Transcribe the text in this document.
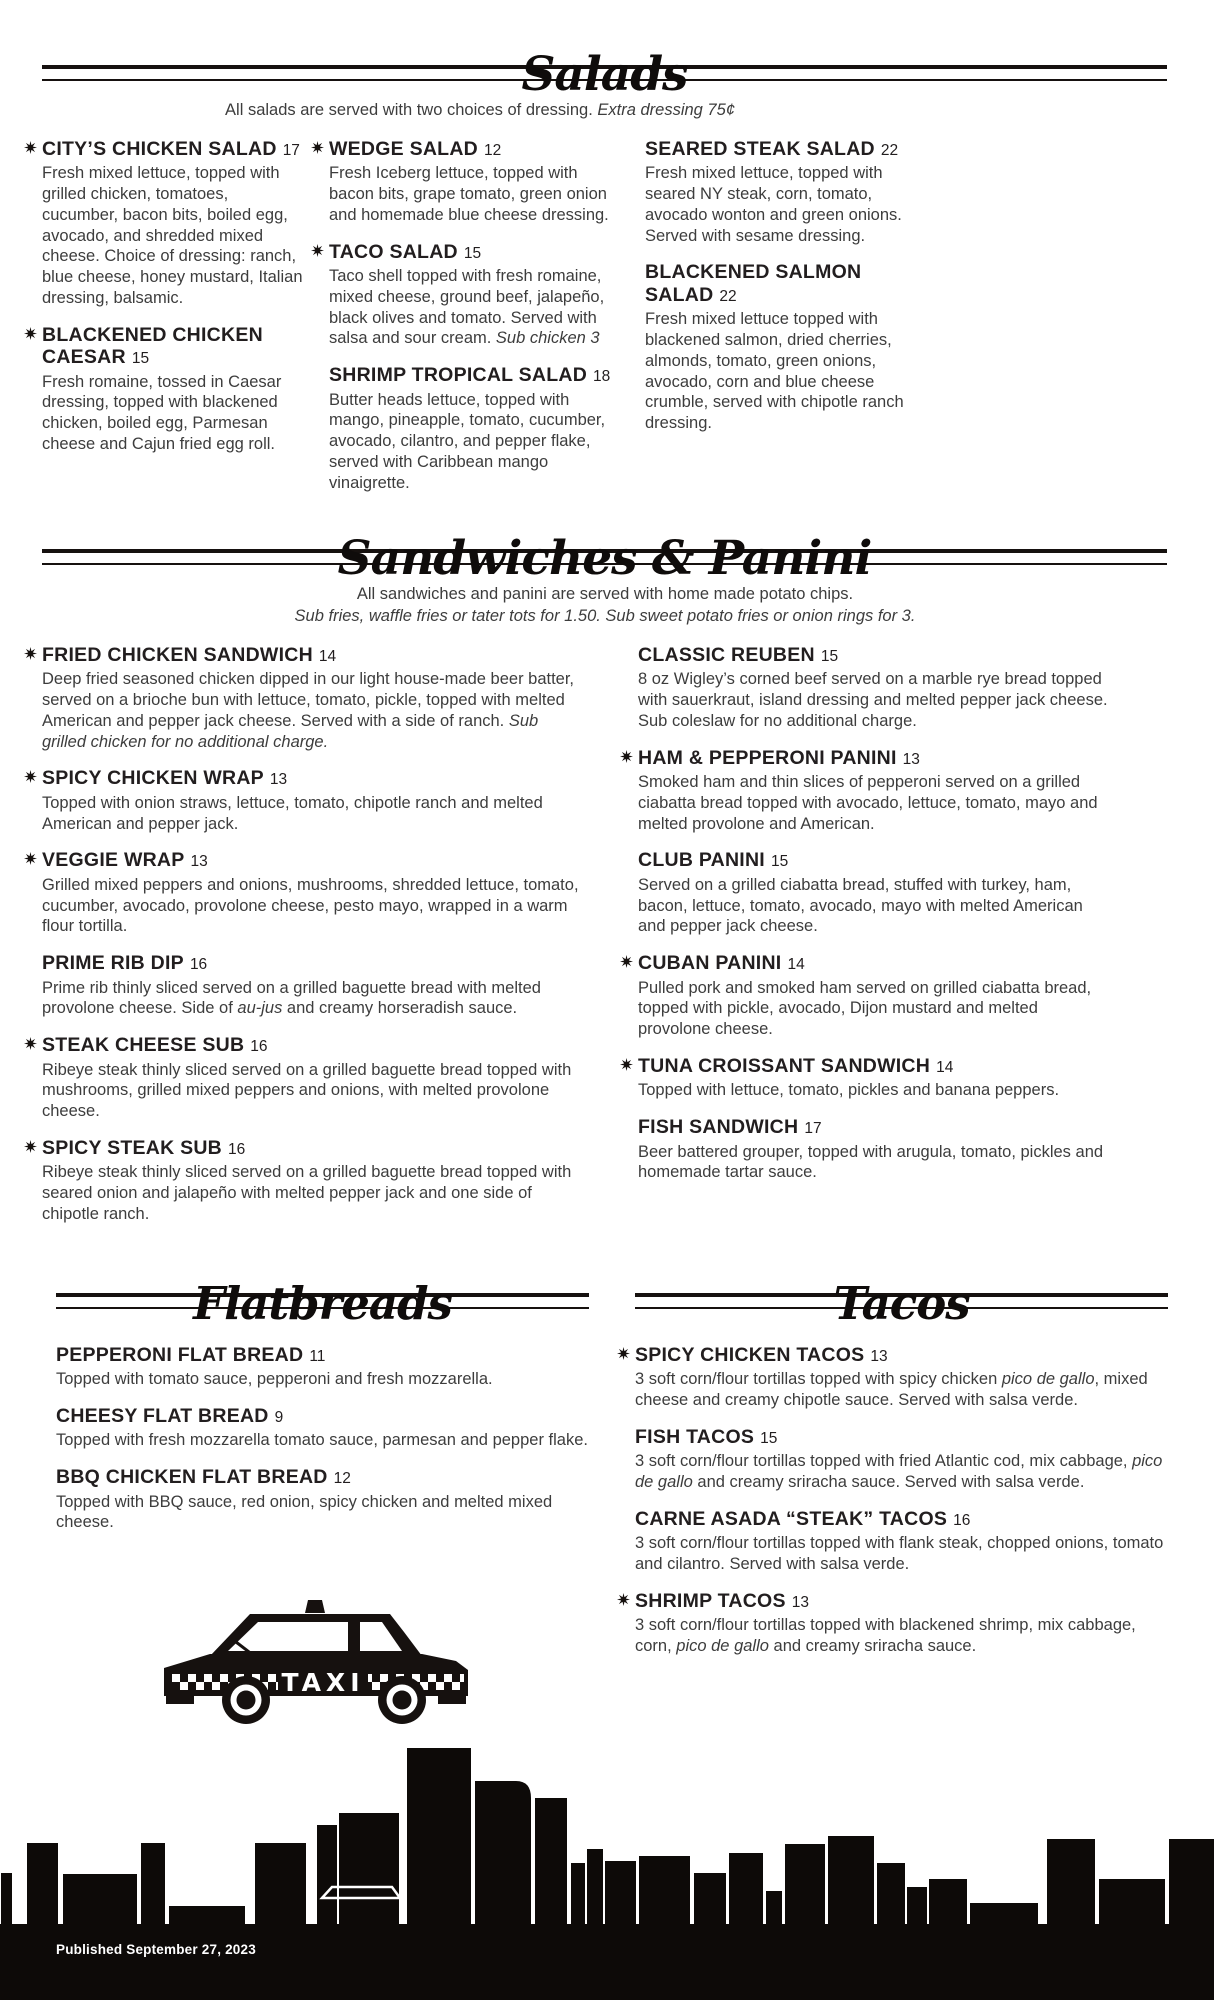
Salads

All salads are served with two choices of dressing. Extra dressing 75¢

CITY’S CHICKEN SALAD 17

Fresh mixed lettuce, topped with grilled chicken, tomatoes, cucumber, bacon bits, boiled egg, avocado, and shredded mixed cheese. Choice of dressing: ranch, blue cheese, honey mustard, Italian dressing, balsamic.

BLACKENED CHICKEN CAESAR 15

Fresh romaine, tossed in Caesar dressing, topped with blackened chicken, boiled egg, Parmesan cheese and Cajun fried egg roll.

WEDGE SALAD 12

Fresh Iceberg lettuce, topped with bacon bits, grape tomato, green onion and homemade blue cheese dressing.

TACO SALAD 15

Taco shell topped with fresh romaine, mixed cheese, ground beef, jalapeño, black olives and tomato. Served with salsa and sour cream. Sub chicken 3

SHRIMP TROPICAL SALAD 18

Butter heads lettuce, topped with mango, pineapple, tomato, cucumber, avocado, cilantro, and pepper flake, served with Caribbean mango vinaigrette.

SEARED STEAK SALAD 22

Fresh mixed lettuce, topped with seared NY steak, corn, tomato, avocado wonton and green onions. Served with sesame dressing.

BLACKENED SALMON SALAD 22

Fresh mixed lettuce topped with blackened salmon, dried cherries, almonds, tomato, green onions, avocado, corn and blue cheese crumble, served with chipotle ranch dressing.

Sandwiches & Panini

All sandwiches and panini are served with home made potato chips.
Sub fries, waffle fries or tater tots for 1.50. Sub sweet potato fries or onion rings for 3.

FRIED CHICKEN SANDWICH 14

Deep fried seasoned chicken dipped in our light house-made beer batter, served on a brioche bun with lettuce, tomato, pickle, topped with melted American and pepper jack cheese. Served with a side of ranch. Sub grilled chicken for no additional charge.

SPICY CHICKEN WRAP 13

Topped with onion straws, lettuce, tomato, chipotle ranch and melted American and pepper jack.

VEGGIE WRAP 13

Grilled mixed peppers and onions, mushrooms, shredded lettuce, tomato, cucumber, avocado, provolone cheese, pesto mayo, wrapped in a warm flour tortilla.

PRIME RIB DIP 16

Prime rib thinly sliced served on a grilled baguette bread with melted provolone cheese. Side of au-jus and creamy horseradish sauce.

STEAK CHEESE SUB 16

Ribeye steak thinly sliced served on a grilled baguette bread topped with mushrooms, grilled mixed peppers and onions, with melted provolone cheese.

SPICY STEAK SUB 16

Ribeye steak thinly sliced served on a grilled baguette bread topped with seared onion and jalapeño with melted pepper jack and one side of chipotle ranch.

CLASSIC REUBEN 15

8 oz Wigley’s corned beef served on a marble rye bread topped with sauerkraut, island dressing and melted pepper jack cheese. Sub coleslaw for no additional charge.

HAM & PEPPERONI PANINI 13

Smoked ham and thin slices of pepperoni served on a grilled ciabatta bread topped with avocado, lettuce, tomato, mayo and melted provolone and American.

CLUB PANINI 15

Served on a grilled ciabatta bread, stuffed with turkey, ham, bacon, lettuce, tomato, avocado, mayo with melted American and pepper jack cheese.

CUBAN PANINI 14

Pulled pork and smoked ham served on grilled ciabatta bread, topped with pickle, avocado, Dijon mustard and melted provolone cheese.

TUNA CROISSANT SANDWICH 14

Topped with lettuce, tomato, pickles and banana peppers.

FISH SANDWICH 17

Beer battered grouper, topped with arugula, tomato, pickles and homemade tartar sauce.

Flatbreads
PEPPERONI FLAT BREAD 11

Topped with tomato sauce, pepperoni and fresh mozzarella.

CHEESY FLAT BREAD 9

Topped with fresh mozzarella tomato sauce, parmesan and pepper flake.

BBQ CHICKEN FLAT BREAD 12

Topped with BBQ sauce, red onion, spicy chicken and melted mixed cheese.

Tacos
SPICY CHICKEN TACOS 13

3 soft corn/flour tortillas topped with spicy chicken pico de gallo, mixed cheese and creamy chipotle sauce. Served with salsa verde.

FISH TACOS 15

3 soft corn/flour tortillas topped with fried Atlantic cod, mix cabbage, pico de gallo and creamy sriracha sauce. Served with salsa verde.

CARNE ASADA “STEAK” TACOS 16

3 soft corn/flour tortillas topped with flank steak, chopped onions, tomato and cilantro. Served with salsa verde.

SHRIMP TACOS 13

3 soft corn/flour tortillas topped with blackened shrimp, mix cabbage, corn, pico de gallo and creamy sriracha sauce.

TAXI
Published September 27, 2023
